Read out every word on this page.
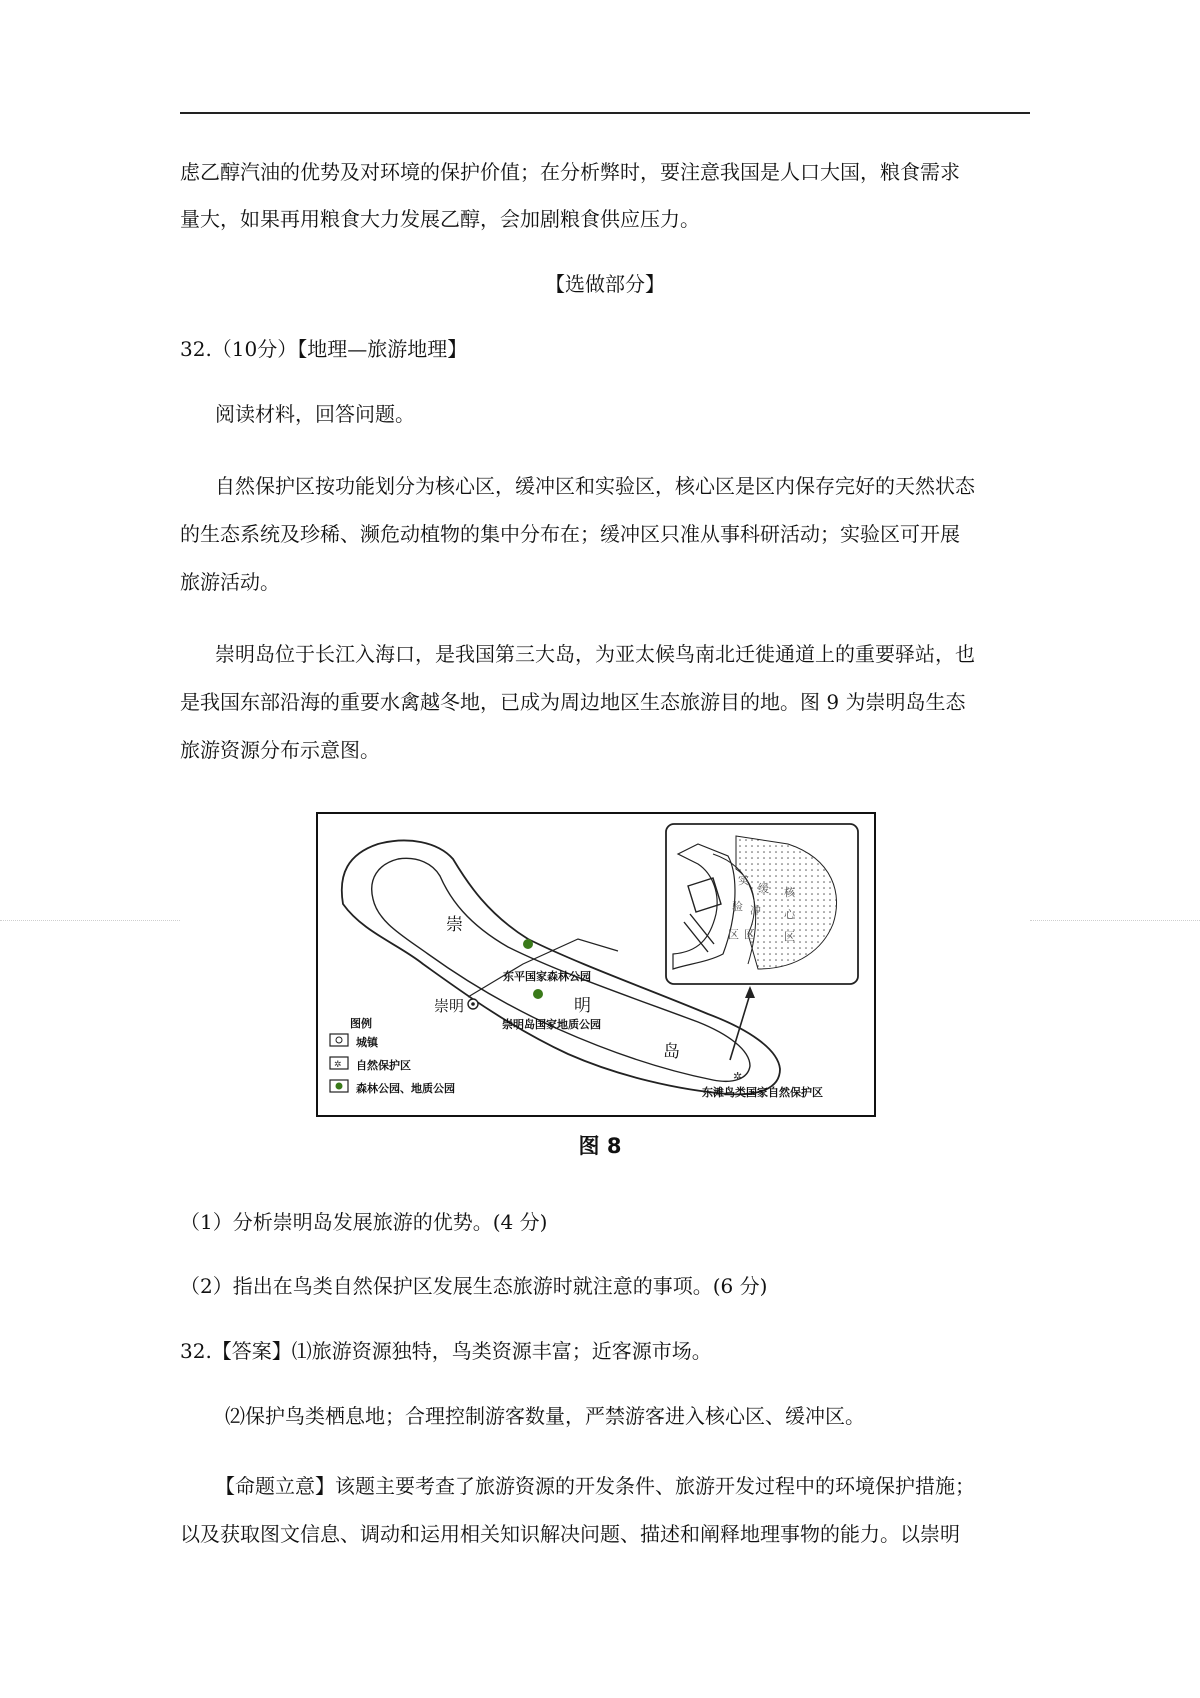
虑乙醇汽油的优势及对环境的保护价值；在分析弊时，要注意我国是人口大国，粮食需求

量大，如果再用粮食大力发展乙醇，会加剧粮食供应压力。

【选做部分】

32.（10分）【地理—旅游地理】

阅读材料，回答问题。

自然保护区按功能划分为核心区，缓冲区和实验区，核心区是区内保存完好的天然状态

的生态系统及珍稀、濒危动植物的集中分布在；缓冲区只准从事科研活动；实验区可开展

旅游活动。

崇明岛位于长江入海口，是我国第三大岛，为亚太候鸟南北迁徙通道上的重要驿站，也

是我国东部沿海的重要水禽越冬地，已成为周边地区生态旅游目的地。图 9 为崇明岛生态

旅游资源分布示意图。

✲
✲
崇
明
岛
崇明
东平国家森林公园
崇明岛国家地质公园
东滩鸟类国家自然保护区
图例
城镇
自然保护区
森林公园、地质公园
实
验
区
缓
冲
区
核
心
区
图 8

（1）分析崇明岛发展旅游的优势。(4 分)

（2）指出在鸟类自然保护区发展生态旅游时就注意的事项。(6 分)

32.【答案】⑴旅游资源独特，鸟类资源丰富；近客源市场。

⑵保护鸟类栖息地；合理控制游客数量，严禁游客进入核心区、缓冲区。

【命题立意】该题主要考查了旅游资源的开发条件、旅游开发过程中的环境保护措施；

以及获取图文信息、调动和运用相关知识解决问题、描述和阐释地理事物的能力。以崇明
